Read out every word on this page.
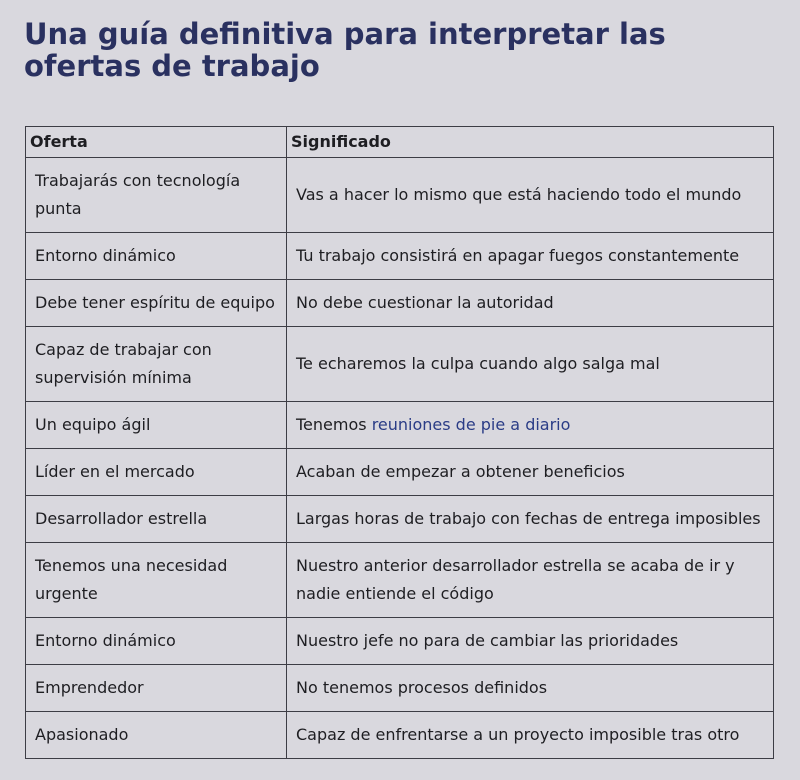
Una guía definitiva para interpretar las ofertas de trabajo
Oferta	Significado
Trabajarás con tecnología punta	Vas a hacer lo mismo que está haciendo todo el mundo
Entorno dinámico	Tu trabajo consistirá en apagar fuegos constantemente
Debe tener espíritu de equipo	No debe cuestionar la autoridad
Capaz de trabajar con supervisión mínima	Te echaremos la culpa cuando algo salga mal
Un equipo ágil	Tenemos reuniones de pie a diario
Líder en el mercado	Acaban de empezar a obtener beneficios
Desarrollador estrella	Largas horas de trabajo con fechas de entrega imposibles
Tenemos una necesidad urgente	Nuestro anterior desarrollador estrella se acaba de ir y nadie entiende el código
Entorno dinámico	Nuestro jefe no para de cambiar las prioridades
Emprendedor	No tenemos procesos definidos
Apasionado	Capaz de enfrentarse a un proyecto imposible tras otro
